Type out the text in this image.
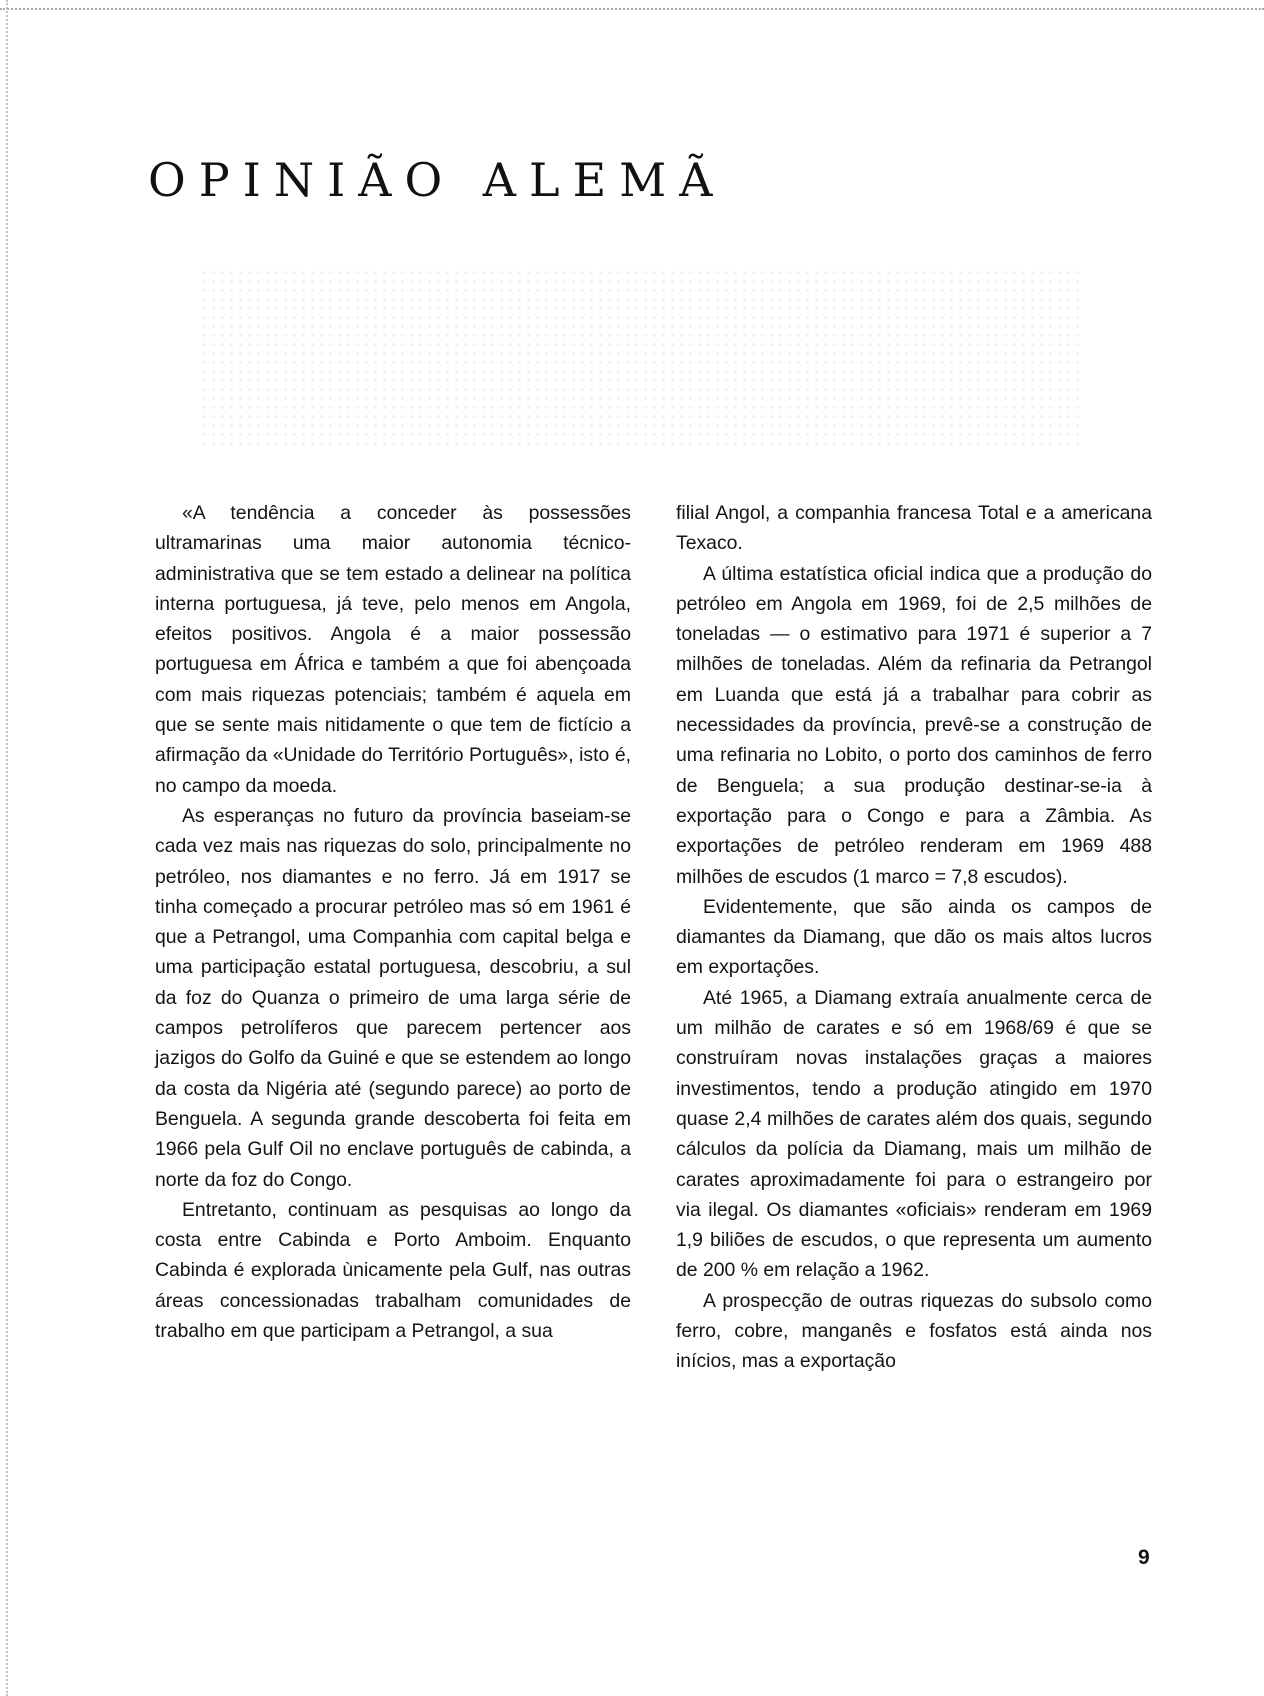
OPINIÃO ALEMÃ

«A tendência a conceder às possessões ultramarinas uma maior autonomia técnico-administrativa que se tem estado a delinear na política interna portuguesa, já teve, pelo menos em Angola, efeitos positivos. Angola é a maior possessão portuguesa em África e também a que foi abençoada com mais riquezas potenciais; também é aquela em que se sente mais nitidamente o que tem de fictício a afirmação da «Unidade do Território Português», isto é, no campo da moeda.

As esperanças no futuro da província baseiam-se cada vez mais nas riquezas do solo, principalmente no petróleo, nos diamantes e no ferro. Já em 1917 se tinha começado a procurar petróleo mas só em 1961 é que a Petrangol, uma Companhia com capital belga e uma participação estatal portuguesa, descobriu, a sul da foz do Quanza o primeiro de uma larga série de campos petrolíferos que parecem pertencer aos jazigos do Golfo da Guiné e que se estendem ao longo da costa da Nigéria até (segundo parece) ao porto de Benguela. A segunda grande descoberta foi feita em 1966 pela Gulf Oil no enclave português de cabinda, a norte da foz do Congo.

Entretanto, continuam as pesquisas ao longo da costa entre Cabinda e Porto Amboim. Enquanto Cabinda é explorada ùnicamente pela Gulf, nas outras áreas concessionadas trabalham comunidades de trabalho em que participam a Petrangol, a sua

filial Angol, a companhia francesa Total e a americana Texaco.

A última estatística oficial indica que a produção do petróleo em Angola em 1969, foi de 2,5 milhões de toneladas — o estimativo para 1971 é superior a 7 milhões de toneladas. Além da refinaria da Petrangol em Luanda que está já a trabalhar para cobrir as necessidades da província, prevê-se a construção de uma refinaria no Lobito, o porto dos caminhos de ferro de Benguela; a sua produção destinar-se-ia à exportação para o Congo e para a Zâmbia. As exportações de petróleo renderam em 1969 488 milhões de escudos (1 marco = 7,8 escudos).

Evidentemente, que são ainda os campos de diamantes da Diamang, que dão os mais altos lucros em exportações.

Até 1965, a Diamang extraía anualmente cerca de um milhão de carates e só em 1968/69 é que se construíram novas instalações graças a maiores investimentos, tendo a produção atingido em 1970 quase 2,4 milhões de carates além dos quais, segundo cálculos da polícia da Diamang, mais um milhão de carates aproximadamente foi para o estrangeiro por via ilegal. Os diamantes «oficiais» renderam em 1969 1,9 biliões de escudos, o que representa um aumento de 200 % em relação a 1962.

A prospecção de outras riquezas do subsolo como ferro, cobre, manganês e fosfatos está ainda nos inícios, mas a exportação

9
